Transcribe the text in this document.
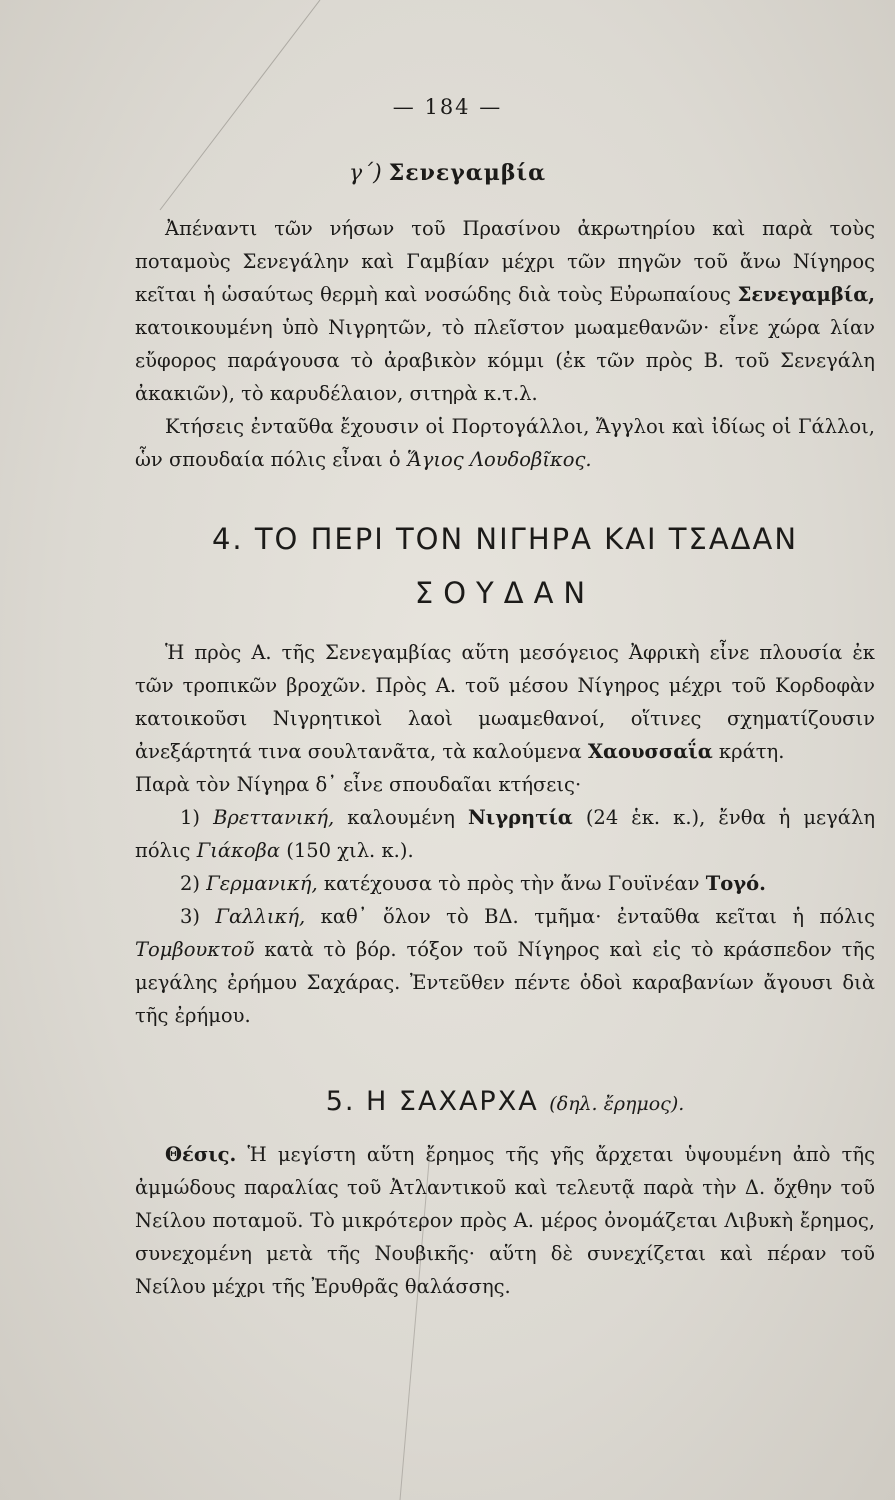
— 184 —
γ΄) Σενεγαμβία

Ἀπέναντι τῶν νήσων τοῦ Πρασίνου ἀκρωτηρίου καὶ παρὰ τοὺς ποταμοὺς Σενεγάλην καὶ Γαμβίαν μέχρι τῶν πηγῶν τοῦ ἄνω Νίγηρος κεῖται ἡ ὡσαύτως θερμὴ καὶ νοσώδης διὰ τοὺς Εὐρωπαίους Σενεγαμβία, κατοικουμένη ὑπὸ Νιγρητῶν, τὸ πλεῖστον μωαμεθανῶν· εἶνε χώρα λίαν εὔφορος παράγουσα τὸ ἀραβικὸν κόμμι (ἐκ τῶν πρὸς Β. τοῦ Σενεγάλη ἀκακιῶν), τὸ καρυδέλαιον, σιτηρὰ κ.τ.λ.

Κτήσεις ἐνταῦθα ἔχουσιν οἱ Πορτογάλλοι, Ἄγγλοι καὶ ἰδίως οἱ Γάλλοι, ὧν σπουδαία πόλις εἶναι ὁ Ἅγιος Λουδοβῖκος.

4. ΤΟ ΠΕΡΙ ΤΟΝ ΝΙΓΗΡΑ ΚΑΙ ΤΣΑΔΑΝ
ΣΟΥΔΑΝ

Ἡ πρὸς Α. τῆς Σενεγαμβίας αὕτη μεσόγειος Ἀφρικὴ εἶνε πλουσία ἐκ τῶν τροπικῶν βροχῶν. Πρὸς Α. τοῦ μέσου Νίγηρος μέχρι τοῦ Κορδοφὰν κατοικοῦσι Νιγρητικοὶ λαοὶ μωαμεθανοί, οἵτινες σχηματίζουσιν ἀνεξάρτητά τινα σουλτανᾶτα, τὰ καλούμενα Χαουσσαΐα κράτη.

Παρὰ τὸν Νίγηρα δ᾽ εἶνε σπουδαῖαι κτήσεις·

1) Βρεττανική, καλουμένη Νιγρητία (24 ἑκ. κ.), ἔνθα ἡ μεγάλη πόλις Γιάκοβα (150 χιλ. κ.).

2) Γερμανική, κατέχουσα τὸ πρὸς τὴν ἄνω Γουϊνέαν Τογό.

3) Γαλλική, καθ᾽ ὅλον τὸ ΒΔ. τμῆμα· ἐνταῦθα κεῖται ἡ πόλις Τομβουκτοῦ κατὰ τὸ βόρ. τόξον τοῦ Νίγηρος καὶ εἰς τὸ κράσπεδον τῆς μεγάλης ἐρήμου Σαχάρας. Ἐντεῦθεν πέντε ὁδοὶ καραβανίων ἄγουσι διὰ τῆς ἐρήμου.

5. Η ΣΑΧΑΡΧΑ (δηλ. ἔρημος).

Θέσις. Ἡ μεγίστη αὕτη ἔρημος τῆς γῆς ἄρχεται ὑψουμένη ἀπὸ τῆς ἀμμώδους παραλίας τοῦ Ἀτλαντικοῦ καὶ τελευτᾷ παρὰ τὴν Δ. ὄχθην τοῦ Νείλου ποταμοῦ. Τὸ μικρότερον πρὸς Α. μέρος ὀνομάζεται Λιβυκὴ ἔρημος, συνεχομένη μετὰ τῆς Νουβικῆς· αὕτη δὲ συνεχίζεται καὶ πέραν τοῦ Νείλου μέχρι τῆς Ἐρυθρᾶς θαλάσσης.
